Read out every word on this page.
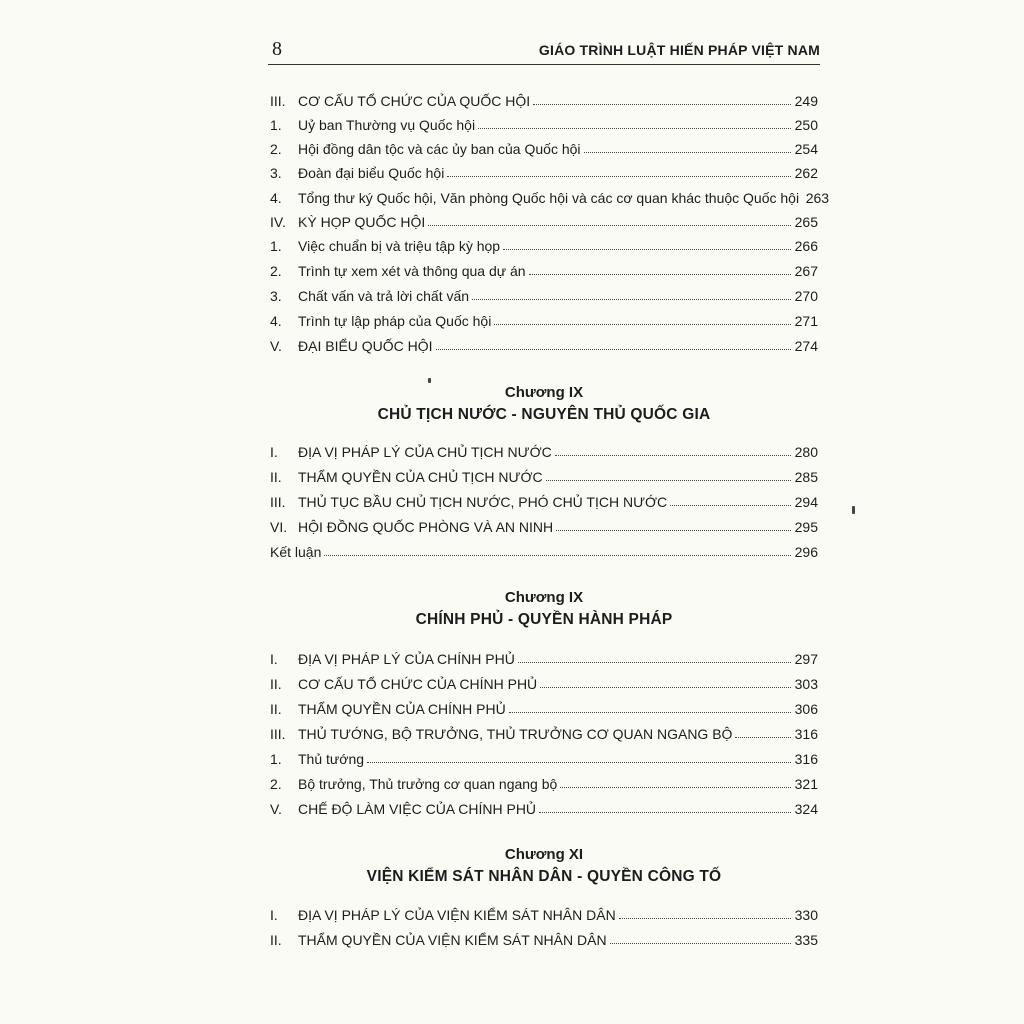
8	GIÁO TRÌNH LUẬT HIẾN PHÁP VIỆT NAM
III. CƠ CẤU TỔ CHỨC CỦA QUỐC HỘI	249
1.	Uỷ ban Thường vụ Quốc hội	250
2.	Hội đồng dân tộc và các ủy ban của Quốc hội	254
3.	Đoàn đại biểu Quốc hội	262
4.	Tổng thư ký Quốc hội, Văn phòng Quốc hội và các cơ quan khác thuộc Quốc hội 263
IV. KỲ HỌP QUỐC HỘI	265
1.	Việc chuẩn bị và triệu tập kỳ họp	266
2.	Trình tự xem xét và thông qua dự án	267
3.	Chất vấn và trả lời chất vấn	270
4.	Trình tự lập pháp của Quốc hội	271
V.	ĐẠI BIỂU QUỐC HỘI	274
Chương IX
CHỦ TỊCH NƯỚC - NGUYÊN THỦ QUỐC GIA
I.	ĐỊA VỊ PHÁP LÝ CỦA CHỦ TỊCH NƯỚC	280
II.	THẨM QUYỀN CỦA CHỦ TỊCH NƯỚC	285
III. THỦ TỤC BẦU CHỦ TỊCH NƯỚC, PHÓ CHỦ TỊCH NƯỚC	294
VI. HỘI ĐỒNG QUỐC PHÒNG VÀ AN NINH	295
Kết luận	296
Chương IX
CHÍNH PHỦ - QUYỀN HÀNH PHÁP
I.	ĐỊA VỊ PHÁP LÝ CỦA CHÍNH PHỦ	297
II.	CƠ CẤU TỔ CHỨC CỦA CHÍNH PHỦ	303
II.	THẨM QUYỀN CỦA CHÍNH PHỦ	306
III. THỦ TƯỚNG, BỘ TRƯỞNG, THỦ TRƯỞNG CƠ QUAN NGANG BỘ	316
1.	Thủ tướng	316
2.	Bộ trưởng, Thủ trưởng cơ quan ngang bộ	321
V.	CHẾ ĐỘ LÀM VIỆC CỦA CHÍNH PHỦ	324
Chương XI
VIỆN KIỂM SÁT NHÂN DÂN - QUYỀN CÔNG TỐ
I.	ĐỊA VỊ PHÁP LÝ CỦA VIỆN KIỂM SÁT NHÂN DÂN	330
II.	THẨM QUYỀN CỦA VIỆN KIỂM SÁT NHÂN DÂN	335
